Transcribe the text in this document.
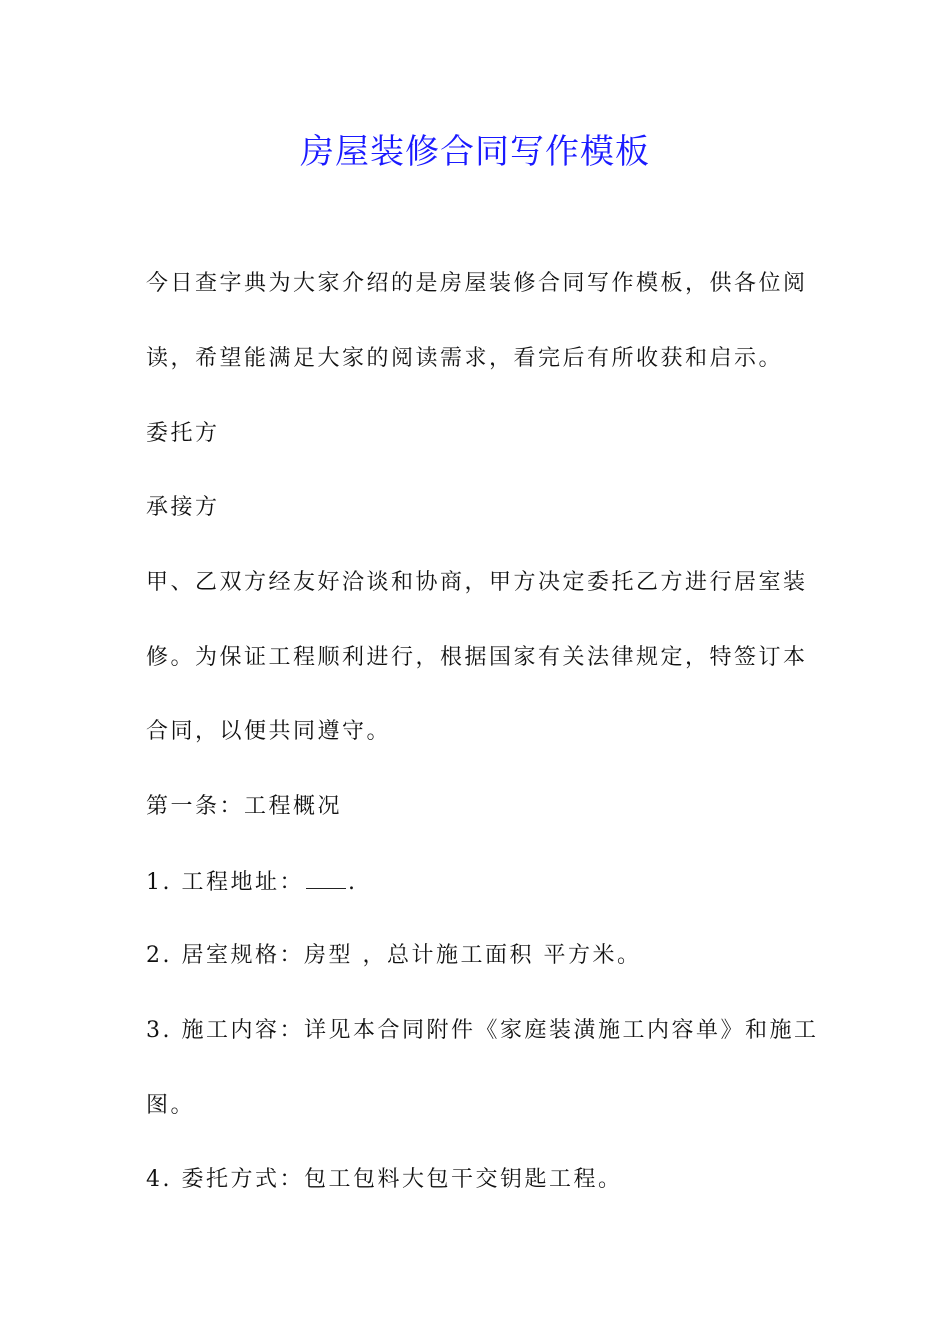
房屋装修合同写作模板
今日查字典为大家介绍的是房屋装修合同写作模板，供各位阅
读，希望能满足大家的阅读需求，看完后有所收获和启示。
委托方
承接方
甲、乙双方经友好洽谈和协商，甲方决定委托乙方进行居室装
修。为保证工程顺利进行，根据国家有关法律规定，特签订本
合同，以便共同遵守。
第一条：工程概况
1. 工程地址： .
2. 居室规格：房型 ，总计施工面积 平方米。
3. 施工内容：详见本合同附件《家庭装潢施工内容单》和施工
图。
4. 委托方式：包工包料大包干交钥匙工程。
